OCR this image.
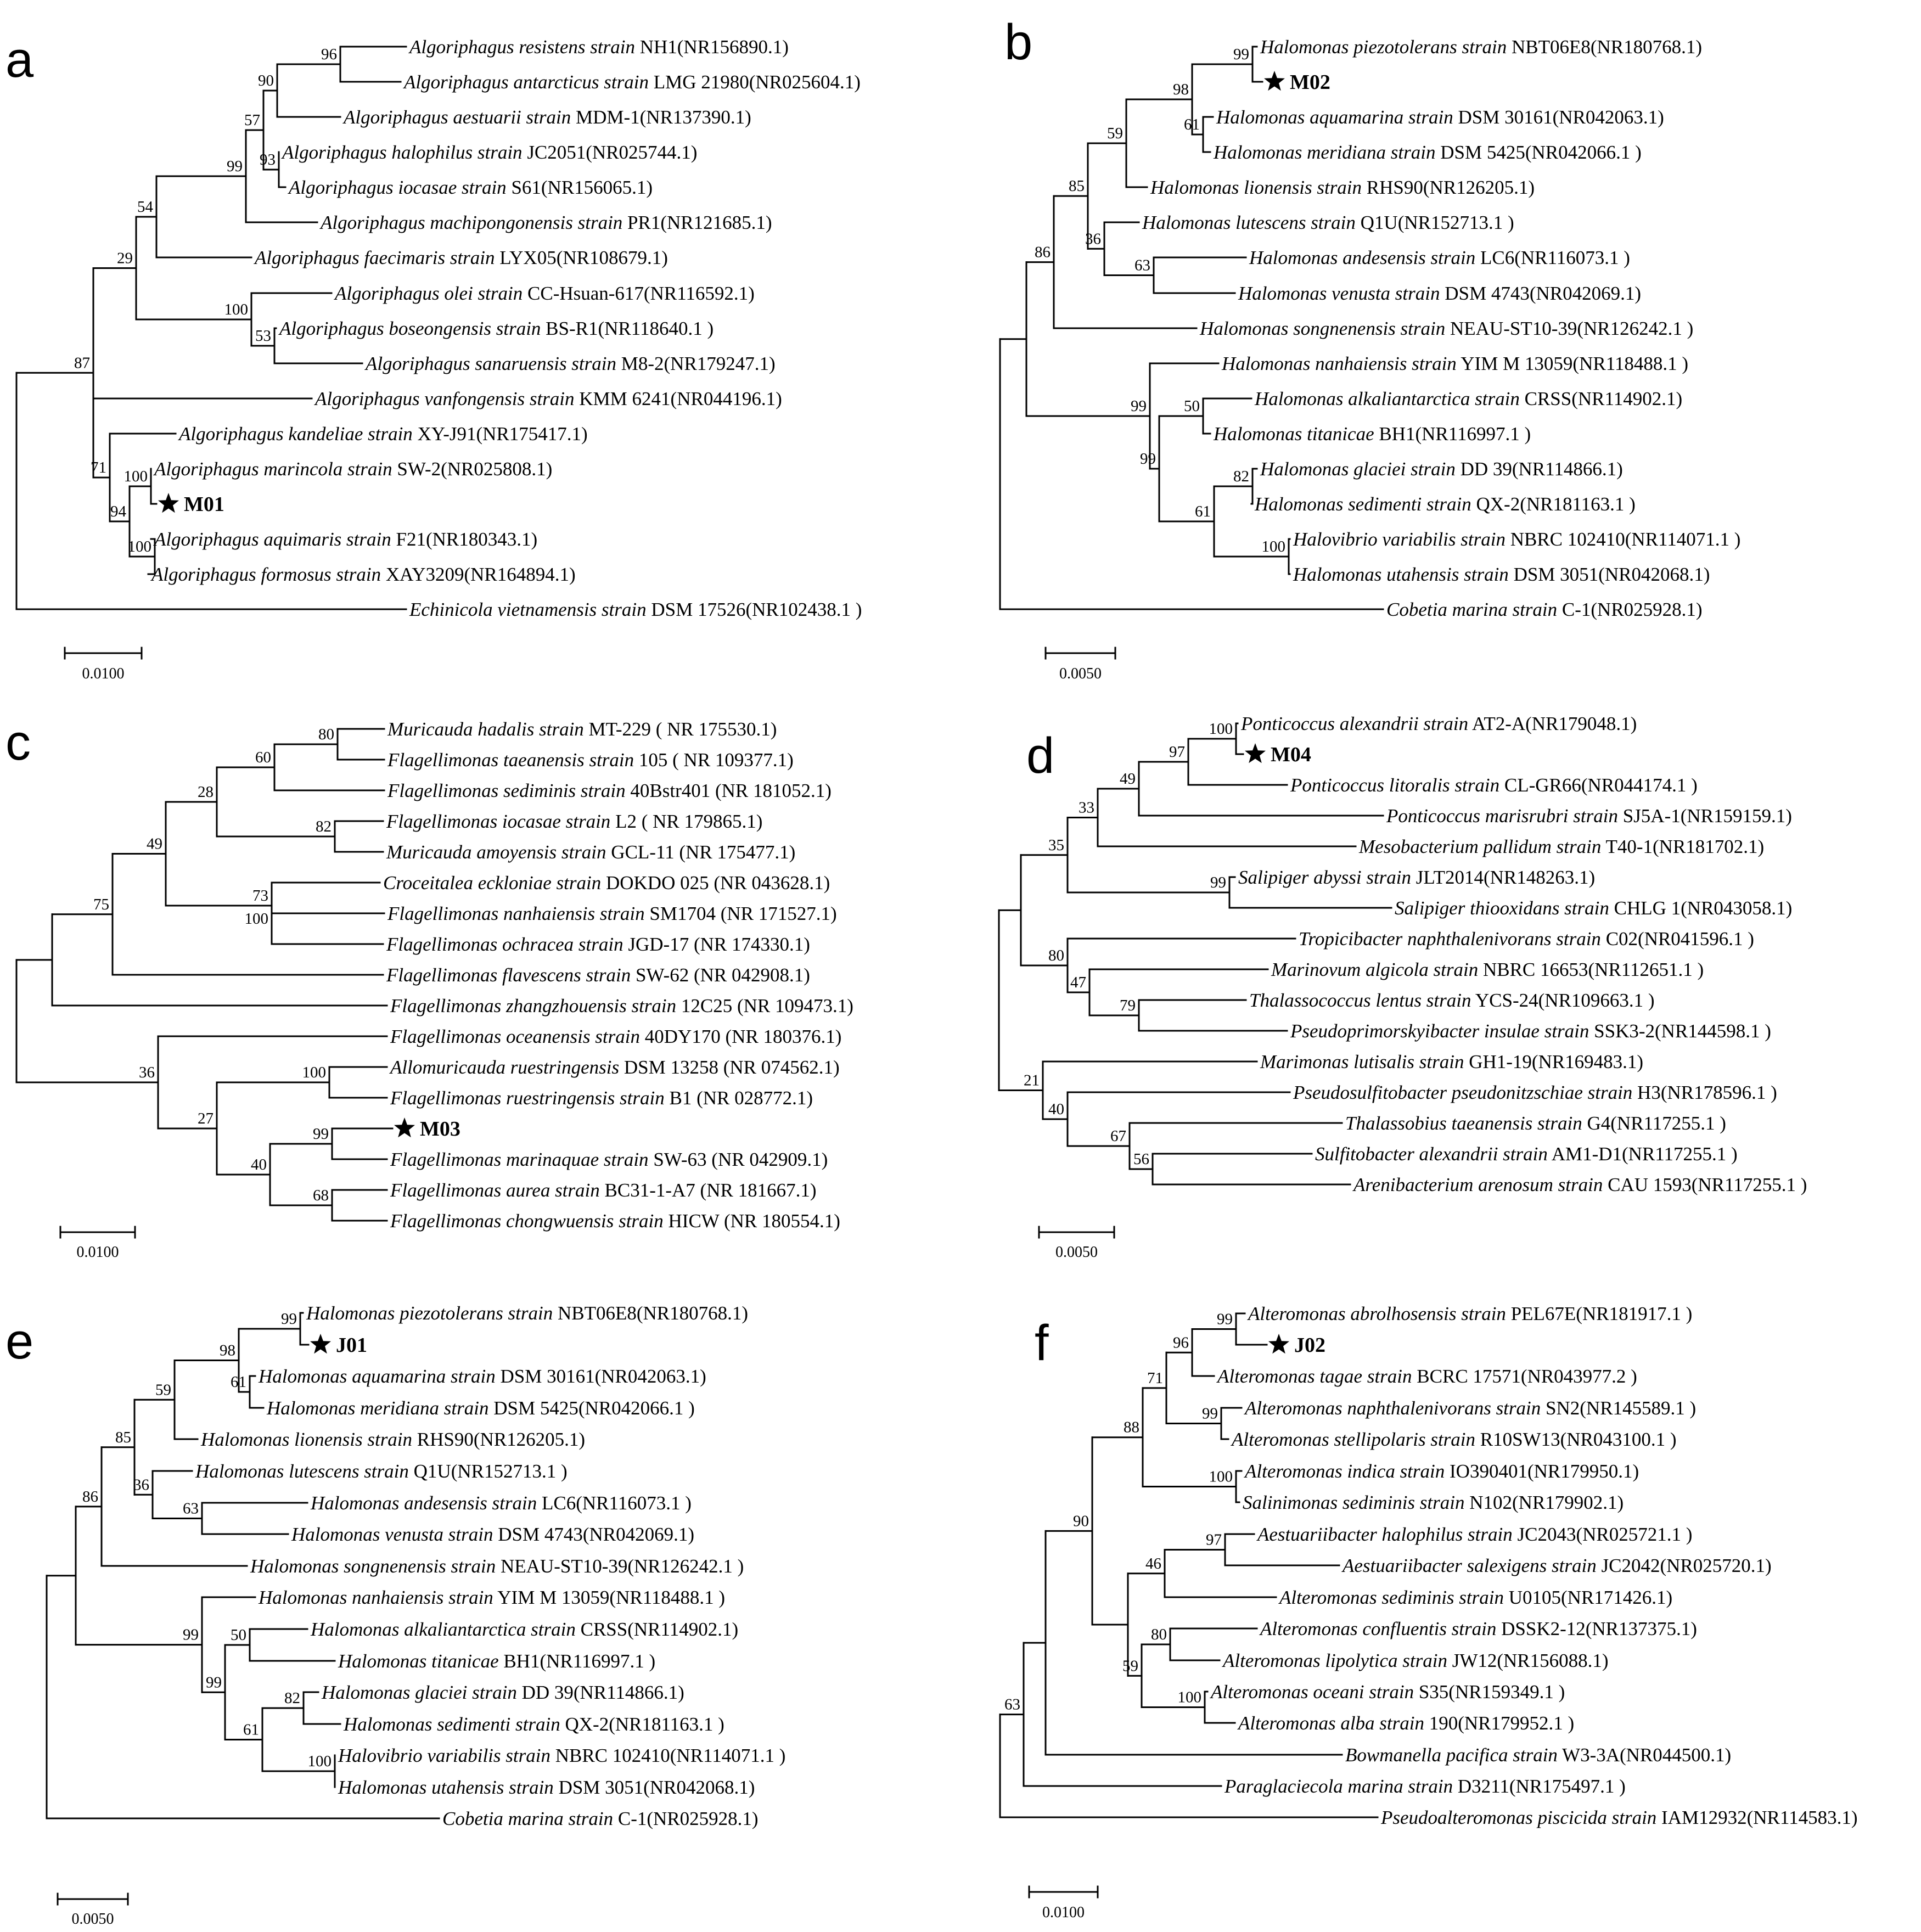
96
90
93
57
99
53
100
54
29
100
100
94
71
87
Algoriphagus resistens strain NH1(NR156890.1)
Algoriphagus antarcticus strain LMG 21980(NR025604.1)
Algoriphagus aestuarii strain MDM-1(NR137390.1)
Algoriphagus halophilus strain JC2051(NR025744.1)
Algoriphagus iocasae strain S61(NR156065.1)
Algoriphagus machipongonensis strain PR1(NR121685.1)
Algoriphagus faecimaris strain LYX05(NR108679.1)
Algoriphagus olei strain CC-Hsuan-617(NR116592.1)
Algoriphagus boseongensis strain BS-R1(NR118640.1 )
Algoriphagus sanaruensis strain M8-2(NR179247.1)
Algoriphagus vanfongensis strain KMM 6241(NR044196.1)
Algoriphagus kandeliae strain XY-J91(NR175417.1)
Algoriphagus marincola strain SW-2(NR025808.1)
M01
Algoriphagus aquimaris strain F21(NR180343.1)
Algoriphagus formosus strain XAY3209(NR164894.1)
Echinicola vietnamensis strain DSM 17526(NR102438.1 )
a
0.0100
99
61
98
59
63
36
85
50
82
100
61
99
99
86
Halomonas piezotolerans strain NBT06E8(NR180768.1)
M02
Halomonas aquamarina strain DSM 30161(NR042063.1)
Halomonas meridiana strain DSM 5425(NR042066.1 )
Halomonas lionensis strain RHS90(NR126205.1)
Halomonas lutescens strain Q1U(NR152713.1 )
Halomonas andesensis strain LC6(NR116073.1 )
Halomonas venusta strain DSM 4743(NR042069.1)
Halomonas songnenensis strain NEAU-ST10-39(NR126242.1 )
Halomonas nanhaiensis strain YIM M 13059(NR118488.1 )
Halomonas alkaliantarctica strain CRSS(NR114902.1)
Halomonas titanicae BH1(NR116997.1 )
Halomonas glaciei strain DD 39(NR114866.1)
Halomonas sedimenti strain QX-2(NR181163.1 )
Halovibrio variabilis strain NBRC 102410(NR114071.1 )
Halomonas utahensis strain DSM 3051(NR042068.1)
Cobetia marina strain C-1(NR025928.1)
b
0.0050
80
60
82
28
100
73
49
75
100
99
68
40
27
36
Muricauda hadalis strain MT-229 ( NR 175530.1)
Flagellimonas taeanensis strain 105 ( NR 109377.1)
Flagellimonas sediminis strain 40Bstr401 (NR 181052.1)
Flagellimonas iocasae strain L2 ( NR 179865.1)
Muricauda amoyensis strain GCL-11 (NR 175477.1)
Croceitalea eckloniae strain DOKDO 025 (NR 043628.1)
Flagellimonas nanhaiensis strain SM1704 (NR 171527.1)
Flagellimonas ochracea strain JGD-17 (NR 174330.1)
Flagellimonas flavescens strain SW-62 (NR 042908.1)
Flagellimonas zhangzhouensis strain 12C25 (NR 109473.1)
Flagellimonas oceanensis strain 40DY170 (NR 180376.1)
Allomuricauda ruestringensis DSM 13258 (NR 074562.1)
Flagellimonas ruestringensis strain B1 (NR 028772.1)
M03
Flagellimonas marinaquae strain SW-63 (NR 042909.1)
Flagellimonas aurea strain BC31-1-A7 (NR 181667.1)
Flagellimonas chongwuensis strain HICW (NR 180554.1)
c
0.0100
100
97
49
33
99
35
79
47
80
56
67
40
21
Ponticoccus alexandrii strain AT2-A(NR179048.1)
M04
Ponticoccus litoralis strain CL-GR66(NR044174.1 )
Ponticoccus marisrubri strain SJ5A-1(NR159159.1)
Mesobacterium pallidum strain T40-1(NR181702.1)
Salipiger abyssi strain JLT2014(NR148263.1)
Salipiger thiooxidans strain CHLG 1(NR043058.1)
Tropicibacter naphthalenivorans strain C02(NR041596.1 )
Marinovum algicola strain NBRC 16653(NR112651.1 )
Thalassococcus lentus strain YCS-24(NR109663.1 )
Pseudoprimorskyibacter insulae strain SSK3-2(NR144598.1 )
Marimonas lutisalis strain GH1-19(NR169483.1)
Pseudosulfitobacter pseudonitzschiae strain H3(NR178596.1 )
Thalassobius taeanensis strain G4(NR117255.1 )
Sulfitobacter alexandrii strain AM1-D1(NR117255.1 )
Arenibacterium arenosum strain CAU 1593(NR117255.1 )
d
0.0050
99
61
98
59
63
36
85
50
82
100
61
99
99
86
Halomonas piezotolerans strain NBT06E8(NR180768.1)
J01
Halomonas aquamarina strain DSM 30161(NR042063.1)
Halomonas meridiana strain DSM 5425(NR042066.1 )
Halomonas lionensis strain RHS90(NR126205.1)
Halomonas lutescens strain Q1U(NR152713.1 )
Halomonas andesensis strain LC6(NR116073.1 )
Halomonas venusta strain DSM 4743(NR042069.1)
Halomonas songnenensis strain NEAU-ST10-39(NR126242.1 )
Halomonas nanhaiensis strain YIM M 13059(NR118488.1 )
Halomonas alkaliantarctica strain CRSS(NR114902.1)
Halomonas titanicae BH1(NR116997.1 )
Halomonas glaciei strain DD 39(NR114866.1)
Halomonas sedimenti strain QX-2(NR181163.1 )
Halovibrio variabilis strain NBRC 102410(NR114071.1 )
Halomonas utahensis strain DSM 3051(NR042068.1)
Cobetia marina strain C-1(NR025928.1)
e
0.0050
99
96
99
71
100
88
97
46
80
100
59
90
63
Alteromonas abrolhosensis strain PEL67E(NR181917.1 )
J02
Alteromonas tagae strain BCRC 17571(NR043977.2 )
Alteromonas naphthalenivorans strain SN2(NR145589.1 )
Alteromonas stellipolaris strain R10SW13(NR043100.1 )
Alteromonas indica strain IO390401(NR179950.1)
Salinimonas sediminis strain N102(NR179902.1)
Aestuariibacter halophilus strain JC2043(NR025721.1 )
Aestuariibacter salexigens strain JC2042(NR025720.1)
Alteromonas sediminis strain U0105(NR171426.1)
Alteromonas confluentis strain DSSK2-12(NR137375.1)
Alteromonas lipolytica strain JW12(NR156088.1)
Alteromonas oceani strain S35(NR159349.1 )
Alteromonas alba strain 190(NR179952.1 )
Bowmanella pacifica strain W3-3A(NR044500.1)
Paraglaciecola marina strain D3211(NR175497.1 )
Pseudoalteromonas piscicida strain IAM12932(NR114583.1)
f
0.0100
